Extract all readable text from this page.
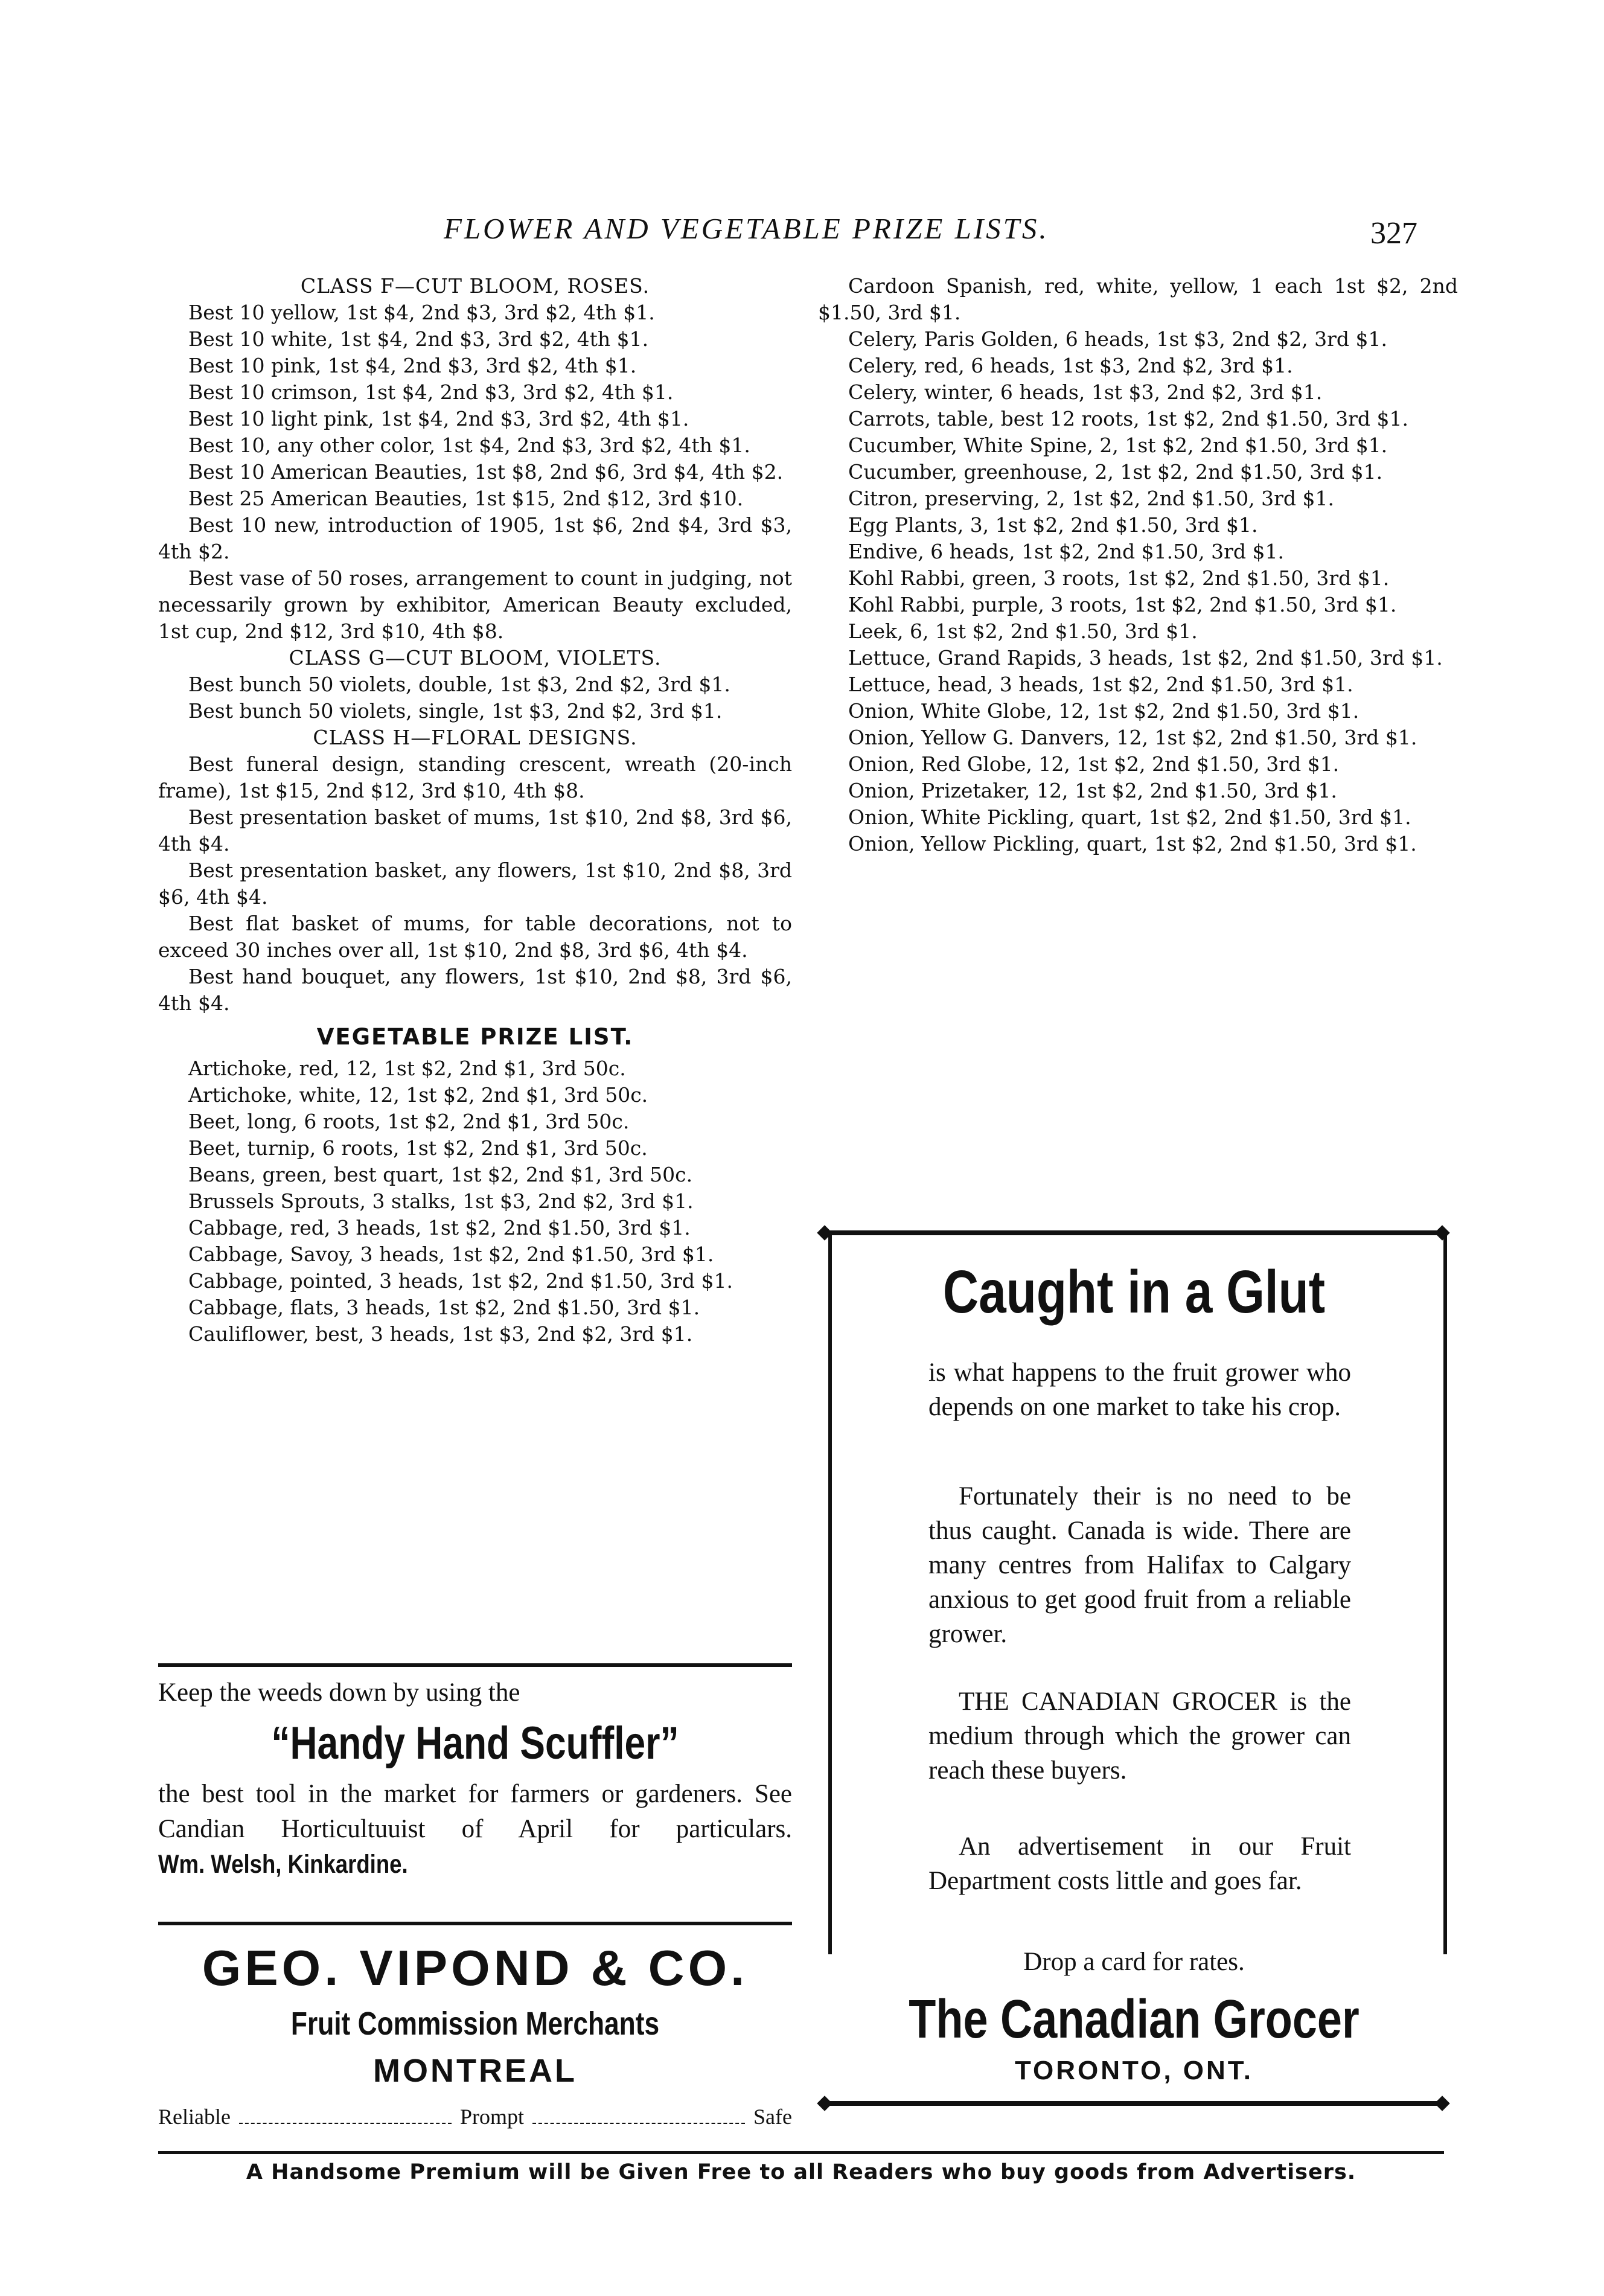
FLOWER AND VEGETABLE PRIZE LISTS.	327

CLASS F—CUT BLOOM, ROSES.

Best 10 yellow, 1st $4, 2nd $3, 3rd $2, 4th $1.

Best 10 white, 1st $4, 2nd $3, 3rd $2, 4th $1.

Best 10 pink, 1st $4, 2nd $3, 3rd $2, 4th $1.

Best 10 crimson, 1st $4, 2nd $3, 3rd $2, 4th $1.

Best 10 light pink, 1st $4, 2nd $3, 3rd $2, 4th $1.

Best 10, any other color, 1st $4, 2nd $3, 3rd $2, 4th $1.

Best 10 American Beauties, 1st $8, 2nd $6, 3rd $4, 4th $2.

Best 25 American Beauties, 1st $15, 2nd $12, 3rd $10.

Best 10 new, introduction of 1905, 1st $6, 2nd $4, 3rd $3, 4th $2.

Best vase of 50 roses, arrangement to count in judging, not necessarily grown by exhibitor, American Beauty excluded, 1st cup, 2nd $12, 3rd $10, 4th $8.

CLASS G—CUT BLOOM, VIOLETS.

Best bunch 50 violets, double, 1st $3, 2nd $2, 3rd $1.

Best bunch 50 violets, single, 1st $3, 2nd $2, 3rd $1.

CLASS H—FLORAL DESIGNS.

Best funeral design, standing crescent, wreath (20-inch frame), 1st $15, 2nd $12, 3rd $10, 4th $8.

Best presentation basket of mums, 1st $10, 2nd $8, 3rd $6, 4th $4.

Best presentation basket, any flowers, 1st $10, 2nd $8, 3rd $6, 4th $4.

Best flat basket of mums, for table decorations, not to exceed 30 inches over all, 1st $10, 2nd $8, 3rd $6, 4th $4.

Best hand bouquet, any flowers, 1st $10, 2nd $8, 3rd $6, 4th $4.

VEGETABLE PRIZE LIST.

Artichoke, red, 12, 1st $2, 2nd $1, 3rd 50c.

Artichoke, white, 12, 1st $2, 2nd $1, 3rd 50c.

Beet, long, 6 roots, 1st $2, 2nd $1, 3rd 50c.

Beet, turnip, 6 roots, 1st $2, 2nd $1, 3rd 50c.

Beans, green, best quart, 1st $2, 2nd $1, 3rd 50c.

Brussels Sprouts, 3 stalks, 1st $3, 2nd $2, 3rd $1.

Cabbage, red, 3 heads, 1st $2, 2nd $1.50, 3rd $1.

Cabbage, Savoy, 3 heads, 1st $2, 2nd $1.50, 3rd $1.

Cabbage, pointed, 3 heads, 1st $2, 2nd $1.50, 3rd $1.

Cabbage, flats, 3 heads, 1st $2, 2nd $1.50, 3rd $1.

Cauliflower, best, 3 heads, 1st $3, 2nd $2, 3rd $1.

Cardoon Spanish, red, white, yellow, 1 each 1st $2, 2nd $1.50, 3rd $1.

Celery, Paris Golden, 6 heads, 1st $3, 2nd $2, 3rd $1.

Celery, red, 6 heads, 1st $3, 2nd $2, 3rd $1.

Celery, winter, 6 heads, 1st $3, 2nd $2, 3rd $1.

Carrots, table, best 12 roots, 1st $2, 2nd $1.50, 3rd $1.

Cucumber, White Spine, 2, 1st $2, 2nd $1.50, 3rd $1.

Cucumber, greenhouse, 2, 1st $2, 2nd $1.50, 3rd $1.

Citron, preserving, 2, 1st $2, 2nd $1.50, 3rd $1.

Egg Plants, 3, 1st $2, 2nd $1.50, 3rd $1.

Endive, 6 heads, 1st $2, 2nd $1.50, 3rd $1.

Kohl Rabbi, green, 3 roots, 1st $2, 2nd $1.50, 3rd $1.

Kohl Rabbi, purple, 3 roots, 1st $2, 2nd $1.50, 3rd $1.

Leek, 6, 1st $2, 2nd $1.50, 3rd $1.

Lettuce, Grand Rapids, 3 heads, 1st $2, 2nd $1.50, 3rd $1.

Lettuce, head, 3 heads, 1st $2, 2nd $1.50, 3rd $1.

Onion, White Globe, 12, 1st $2, 2nd $1.50, 3rd $1.

Onion, Yellow G. Danvers, 12, 1st $2, 2nd $1.50, 3rd $1.

Onion, Red Globe, 12, 1st $2, 2nd $1.50, 3rd $1.

Onion, Prizetaker, 12, 1st $2, 2nd $1.50, 3rd $1.

Onion, White Pickling, quart, 1st $2, 2nd $1.50, 3rd $1.

Onion, Yellow Pickling, quart, 1st $2, 2nd $1.50, 3rd $1.

Keep the weeds down by using the
“Handy Hand Scuffler”
the best tool in the market for farmers or gardeners. See Candian Horticultuuist of April for particulars. Wm. Welsh, Kinkardine.
GEO. VIPOND & CO.
Fruit Commission Merchants
MONTREAL
Reliable	Prompt	Safe
Caught in a Glut

is what happens to the fruit grower who depends on one market to take his crop.

Fortunately their is no need to be thus caught. Canada is wide. There are many centres from Halifax to Calgary anxious to get good fruit from a reliable grower.

THE CANADIAN GROCER is the medium through which the grower can reach these buyers.

An advertisement in our Fruit Department costs little and goes far.

Drop a card for rates.
The Canadian Grocer
TORONTO, ONT.
A Handsome Premium will be Given Free to all Readers who buy goods from Advertisers.
